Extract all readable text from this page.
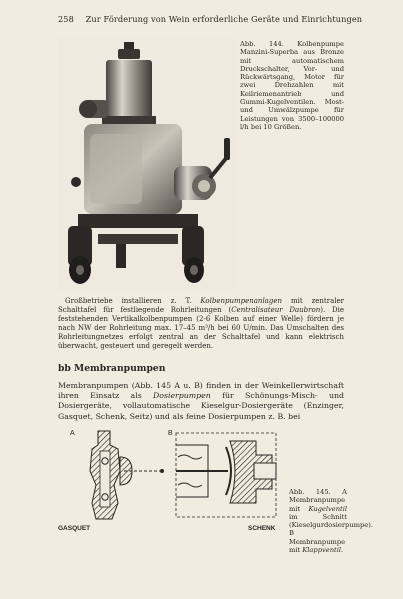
258 Zur Förderung von Wein erforderliche Geräte und Einrichtungen
Abb. 144. Kolbenpumpe Manzini-Superba aus Bronze mit automatischem Druckschalter, Vor- und Rückwärtsgang, Motor für zwei Drehzahlen mit Keilriemenantrieb und Gummi-Kugelventilen. Most- und Umwälzpumpe für Leistungen von 3500–100000 l/h bei 10 Größen.
 Großbetriebe installieren z. T. Kolbenpumpenanlagen mit zentraler Schalttafel für festliegende Rohrleitungen (Centralisateur Daubron). Die feststehenden Vertikalkolbenpumpen (2-6 Kolben auf einer Welle) fördern je nach NW der Rohrleitung max. 17–45 m³/h bei 60 U/min. Das Umschalten des Rohrleitungnetzes erfolgt zentral an der Schalttafel und kann elektrisch überwacht, gesteuert und geregelt werden.
bb Membranpumpen
Membranpumpen (Abb. 145 A u. B) finden in der Weinkellerwirtschaft ihren Einsatz als Dosierpumpen für Schönungs-Misch- und Dosiergeräte, vollautomatische Kieselgur-Dosiergeräte (Enzinger, Gasquet, Schenk, Seitz) und als feine Dosierpumpen z. B. bei
A
GASQUET
B
SCHENK
Abb. 145. A Membranpumpe mit Kugelventil im Schnitt (Kieselgurdosierpumpe). B Membranpumpe mit Klappventil.
